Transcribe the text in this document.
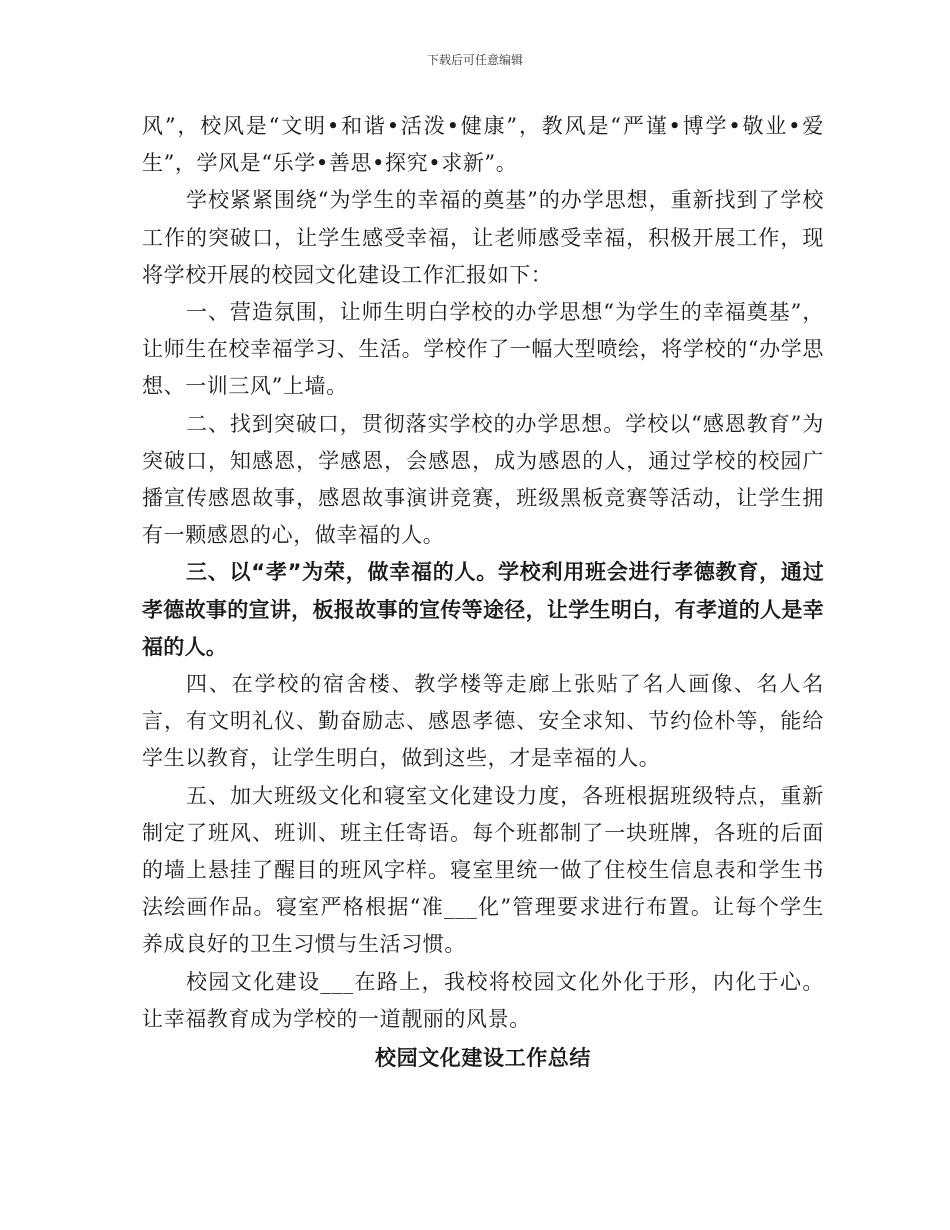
下载后可任意编辑

风”，校风是“文明•和谐•活泼•健康”，教风是“严谨•博学•敬业•爱生”，学风是“乐学•善思•探究•求新”。

学校紧紧围绕“为学生的幸福的奠基”的办学思想，重新找到了学校工作的突破口，让学生感受幸福，让老师感受幸福，积极开展工作，现将学校开展的校园文化建设工作汇报如下：

一、营造氛围，让师生明白学校的办学思想“为学生的幸福奠基”，让师生在校幸福学习、生活。学校作了一幅大型喷绘，将学校的“办学思想、一训三风”上墙。

二、找到突破口，贯彻落实学校的办学思想。学校以“感恩教育”为突破口，知感恩，学感恩，会感恩，成为感恩的人，通过学校的校园广播宣传感恩故事，感恩故事演讲竞赛，班级黑板竞赛等活动，让学生拥有一颗感恩的心，做幸福的人。

三、以“孝”为荣，做幸福的人。学校利用班会进行孝德教育，通过孝德故事的宣讲，板报故事的宣传等途径，让学生明白，有孝道的人是幸福的人。

四、在学校的宿舍楼、教学楼等走廊上张贴了名人画像、名人名言，有文明礼仪、勤奋励志、感恩孝德、安全求知、节约俭朴等，能给学生以教育，让学生明白，做到这些，才是幸福的人。

五、加大班级文化和寝室文化建设力度，各班根据班级特点，重新制定了班风、班训、班主任寄语。每个班都制了一块班牌，各班的后面的墙上悬挂了醒目的班风字样。寝室里统一做了住校生信息表和学生书法绘画作品。寝室严格根据“准___化”管理要求进行布置。让每个学生养成良好的卫生习惯与生活习惯。

校园文化建设___在路上，我校将校园文化外化于形，内化于心。让幸福教育成为学校的一道靓丽的风景。

校园文化建设工作总结
